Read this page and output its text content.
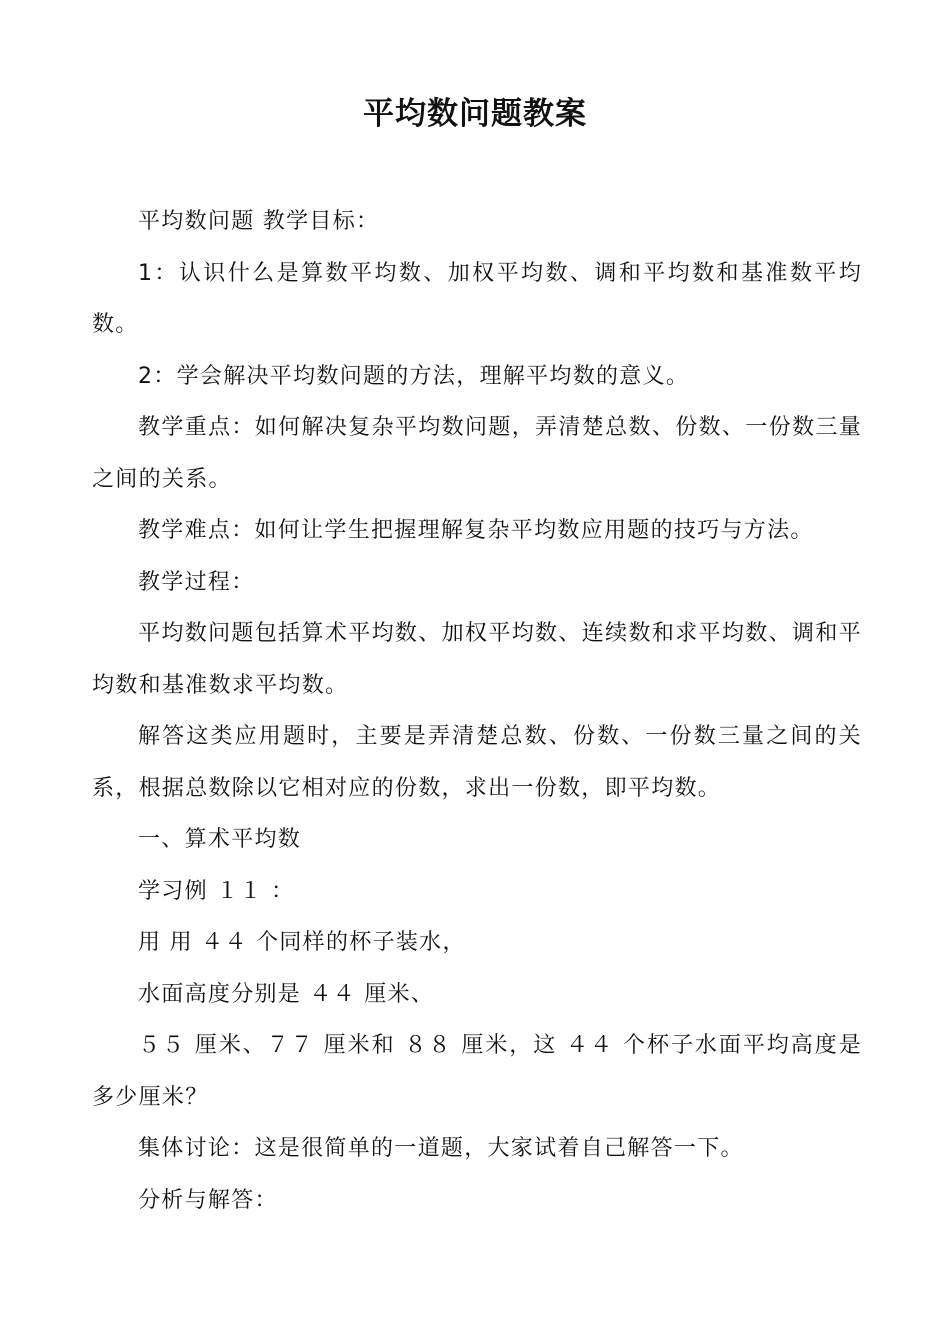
平均数问题教案

平均数问题 教学目标：

1：认识什么是算数平均数、加权平均数、调和平均数和基准数平均数。

2：学会解决平均数问题的方法，理解平均数的意义。

教学重点：如何解决复杂平均数问题，弄清楚总数、份数、一份数三量之间的关系。

教学难点：如何让学生把握理解复杂平均数应用题的技巧与方法。

教学过程：

平均数问题包括算术平均数、加权平均数、连续数和求平均数、调和平均数和基准数求平均数。

解答这类应用题时，主要是弄清楚总数、份数、一份数三量之间的关系，根据总数除以它相对应的份数，求出一份数，即平均数。

一、算术平均数

学习例 １１ ：

用 用 ４４ 个同样的杯子装水，

水面高度分别是 ４４ 厘米、

５５ 厘米、７７ 厘米和 ８８ 厘米，这 ４４ 个杯子水面平均高度是多少厘米？

集体讨论：这是很简单的一道题，大家试着自己解答一下。

分析与解答：
